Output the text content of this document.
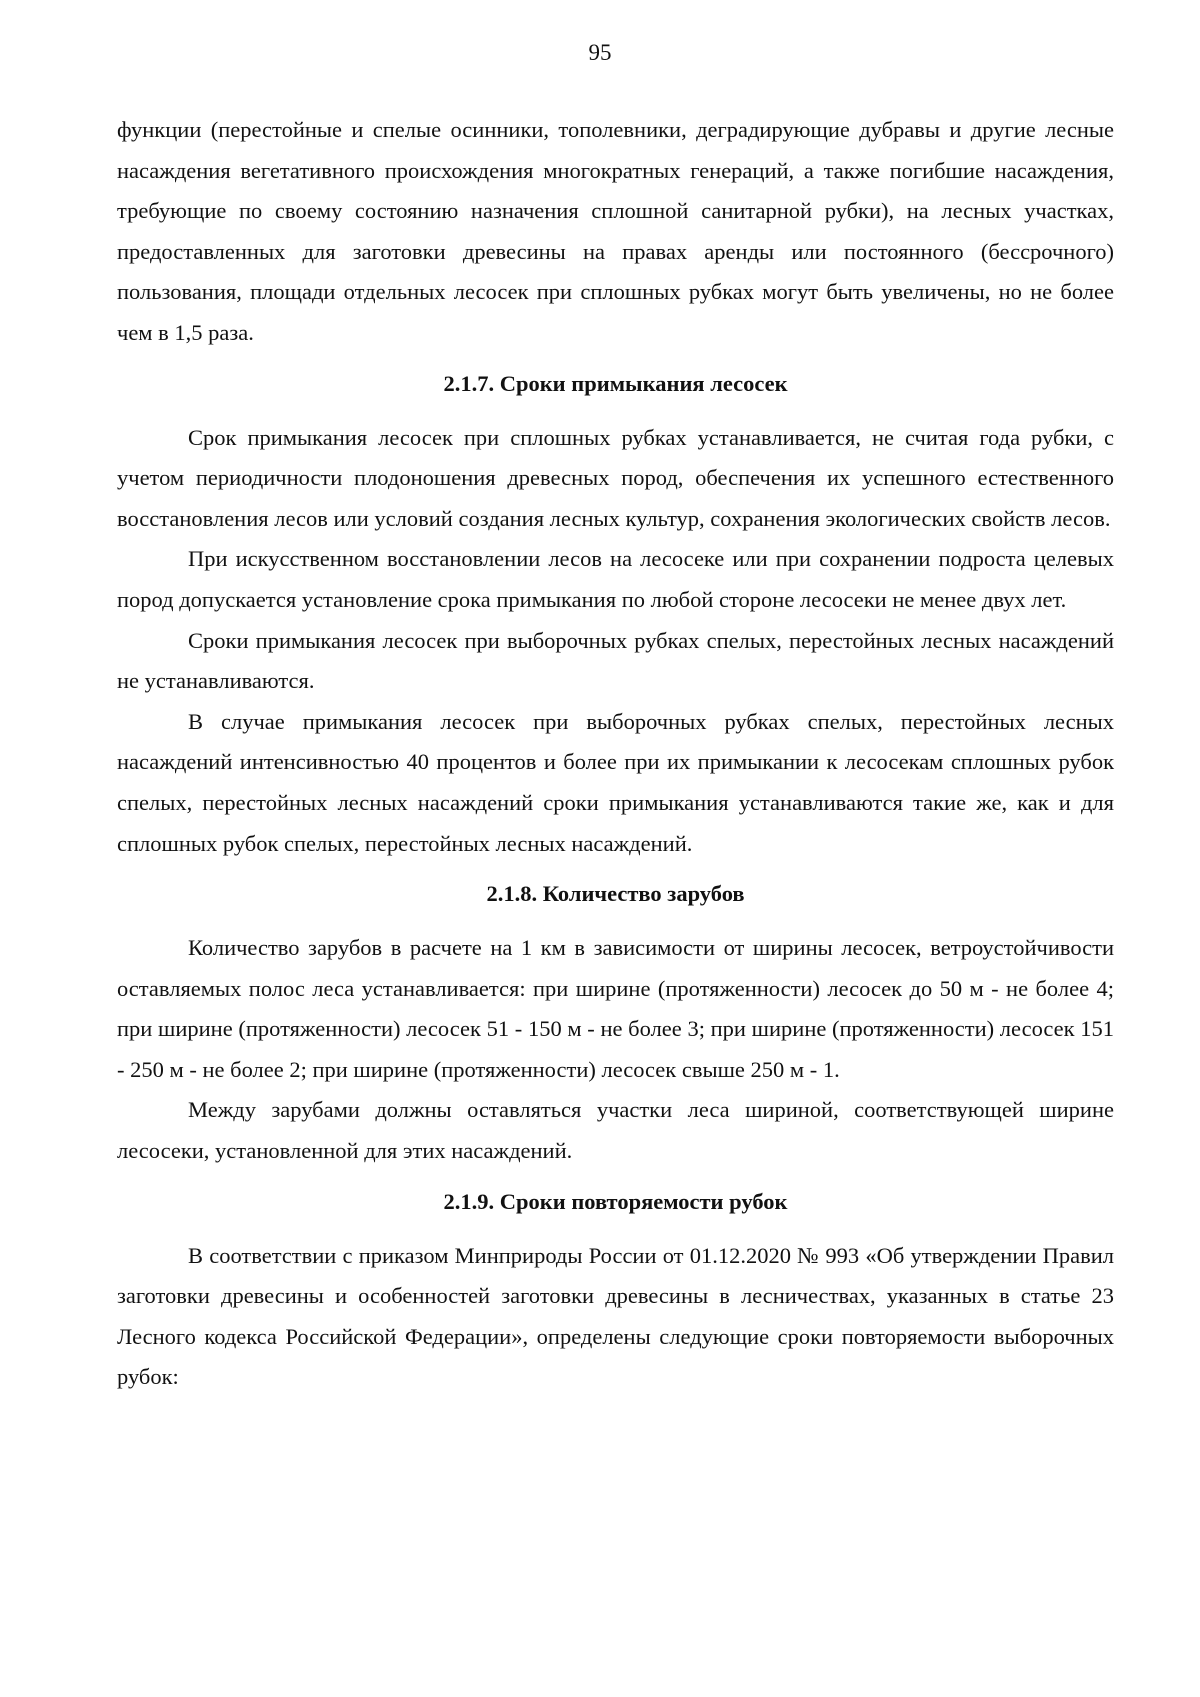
95

функции (перестойные и спелые осинники, тополевники, деградирующие дубравы и другие лесные насаждения вегетативного происхождения многократных генераций, а также погибшие насаждения, требующие по своему состоянию назначения сплошной санитарной рубки), на лесных участках, предоставленных для заготовки древесины на правах аренды или постоянного (бессрочного) пользования, площади отдельных лесосек при сплошных рубках могут быть увеличены, но не более чем в 1,5 раза.

2.1.7. Сроки примыкания лесосек

Срок примыкания лесосек при сплошных рубках устанавливается, не считая года рубки, с учетом периодичности плодоношения древесных пород, обеспечения их успешного естественного восстановления лесов или условий создания лесных культур, сохранения экологических свойств лесов.

При искусственном восстановлении лесов на лесосеке или при сохранении подроста целевых пород допускается установление срока примыкания по любой стороне лесосеки не менее двух лет.

Сроки примыкания лесосек при выборочных рубках спелых, перестойных лесных насаждений не устанавливаются.

В случае примыкания лесосек при выборочных рубках спелых, перестойных лесных насаждений интенсивностью 40 процентов и более при их примыкании к лесосекам сплошных рубок спелых, перестойных лесных насаждений сроки примыкания устанавливаются такие же, как и для сплошных рубок спелых, перестойных лесных насаждений.

2.1.8. Количество зарубов

Количество зарубов в расчете на 1 км в зависимости от ширины лесосек, ветроустойчивости оставляемых полос леса устанавливается: при ширине (протяженности) лесосек до 50 м - не более 4; при ширине (протяженности) лесосек 51 - 150 м - не более 3; при ширине (протяженности) лесосек 151 - 250 м - не более 2; при ширине (протяженности) лесосек свыше 250 м - 1.

Между зарубами должны оставляться участки леса шириной, соответствующей ширине лесосеки, установленной для этих насаждений.

2.1.9. Сроки повторяемости рубок

В соответствии с приказом Минприроды России от 01.12.2020 № 993 «Об утверждении Правил заготовки древесины и особенностей заготовки древесины в лесничествах, указанных в статье 23 Лесного кодекса Российской Федерации», определены следующие сроки повторяемости выборочных рубок:
